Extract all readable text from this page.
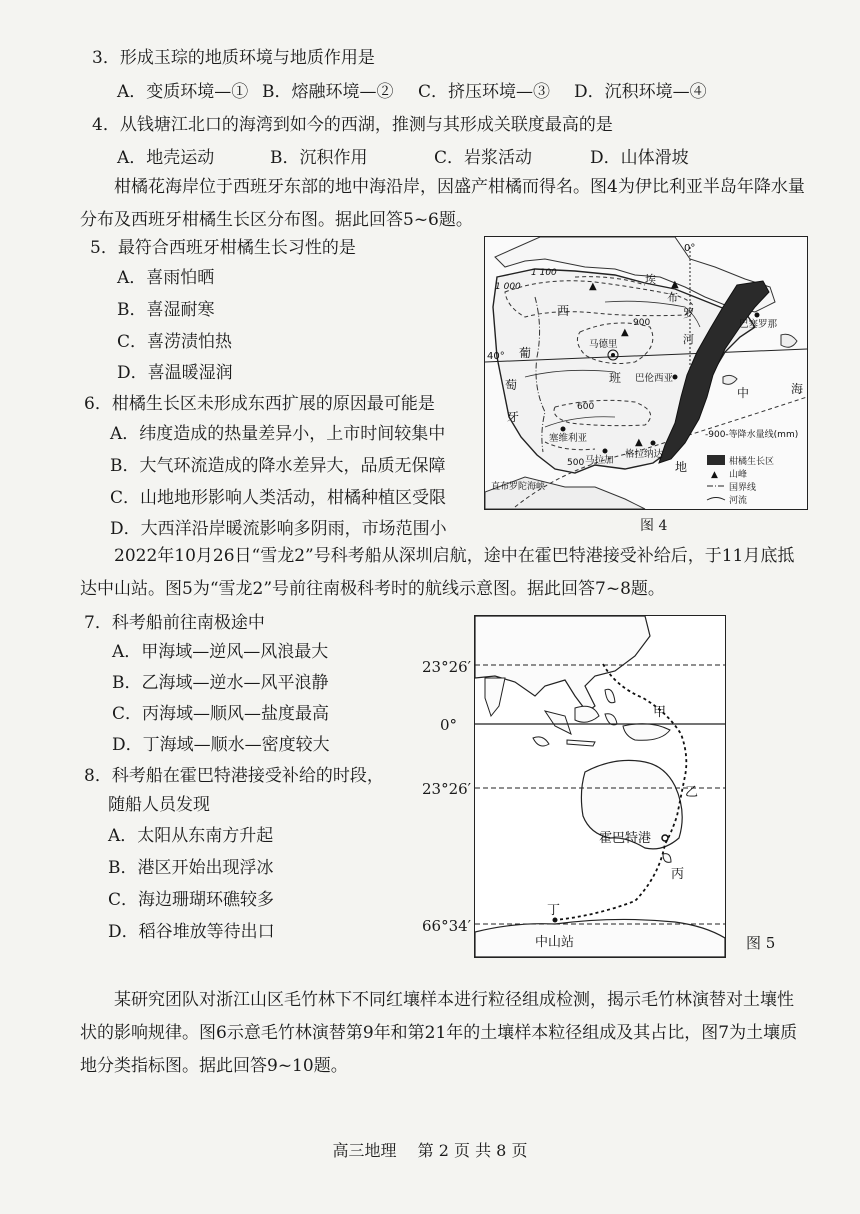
3．形成玉琮的地质环境与地质作用是
A．变质环境—① B．熔融环境—② C．挤压环境—③ D．沉积环境—④
4．从钱塘江北口的海湾到如今的西湖，推测与其形成关联度最高的是
A．地壳运动	B．沉积作用	C．岩浆活动	D．山体滑坡
柑橘花海岸位于西班牙东部的地中海沿岸，因盛产柑橘而得名。图4为伊比利亚半岛年降水量分布及西班牙柑橘生长区分布图。据此回答5~6题。
5．最符合西班牙柑橘生长习性的是
A．喜雨怕晒
B．喜湿耐寒
C．喜涝渍怕热
D．喜温暖湿润
6．柑橘生长区未形成东西扩展的原因最可能是
A．纬度造成的热量差异小，上市时间较集中
B．大气环流造成的降水差异大，品质无保障
C．山地地形影响人类活动，柑橘种植区受限
D．大西洋沿岸暖流影响多阴雨，市场范围小
▲	▲
▲
▲
0°
40°
1 100
1 000
900
600
500
埃
布
罗
河
西
葡
班
萄
牙
马德里
巴塞罗那
巴伦西亚
塞维利亚
马拉加
格拉纳达
直布罗陀海峡
中	海
地
-900-等降水量线(mm)
柑橘生长区
▲ 山峰
国界线
河流
图 4
2022年10月26日“雪龙2”号科考船从深圳启航，途中在霍巴特港接受补给后，于11月底抵达中山站。图5为“雪龙2”号前往南极科考时的航线示意图。据此回答7~8题。
7．科考船前往南极途中
A．甲海域—逆风—风浪最大
B．乙海域—逆水—风平浪静
C．丙海域—顺风—盐度最高
D．丁海域—顺水—密度较大
8．科考船在霍巴特港接受补给的时段，
随船人员发现
A．太阳从东南方升起
B．港区开始出现浮冰
C．海边珊瑚环礁较多
D．稻谷堆放等待出口
23°26′
0°
23°26′
66°34′
甲
乙
霍巴特港
丙
丁
中山站	图 5
某研究团队对浙江山区毛竹林下不同红壤样本进行粒径组成检测，揭示毛竹林演替对土壤性状的影响规律。图6示意毛竹林演替第9年和第21年的土壤样本粒径组成及其占比，图7为土壤质地分类指标图。据此回答9~10题。
高三地理 第 2 页 共 8 页
